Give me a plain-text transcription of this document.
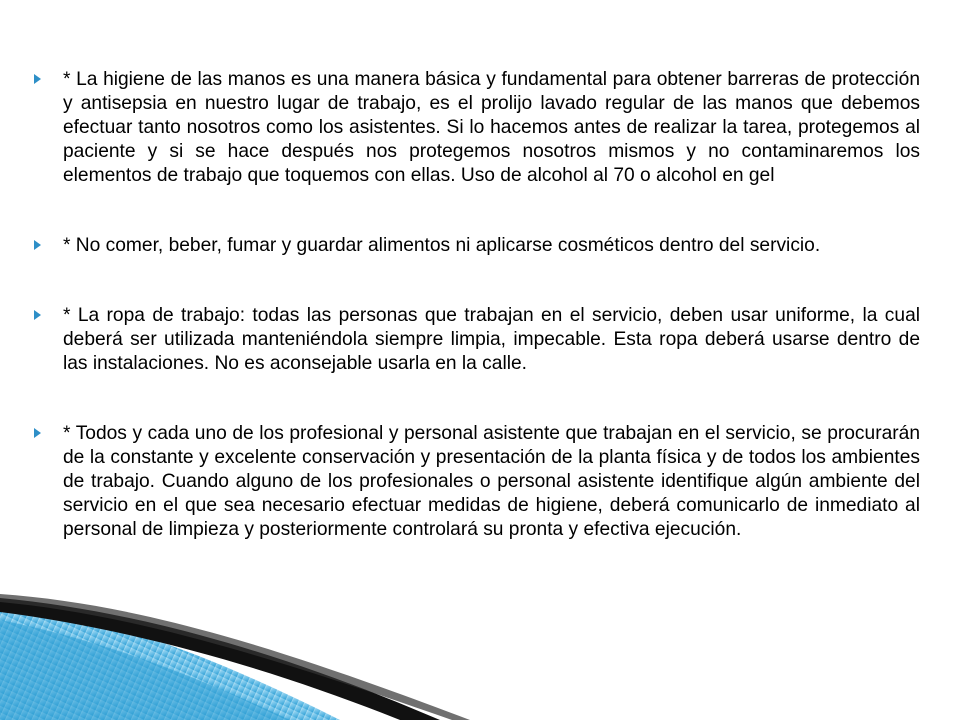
* La higiene de las manos es una manera básica y fundamental para obtener barreras de protección y antisepsia en nuestro lugar de trabajo, es el prolijo lavado regular de las manos que debemos efectuar tanto nosotros como los asistentes. Si lo hacemos antes de realizar la tarea, protegemos al paciente y si se hace después nos protegemos nosotros mismos y no contaminaremos los elementos de trabajo que toquemos con ellas. Uso de alcohol al 70 o alcohol en gel
* No comer, beber, fumar y guardar alimentos ni aplicarse cosméticos dentro del servicio.
* La ropa de trabajo: todas las personas que trabajan en el servicio, deben usar uniforme, la cual deberá ser utilizada manteniéndola siempre limpia, impecable. Esta ropa deberá usarse dentro de las instalaciones. No es aconsejable usarla en la calle.
* Todos y cada uno de los profesional y personal asistente que trabajan en el servicio, se procurarán de la constante y excelente conservación y presentación de la planta física y de todos los ambientes de trabajo. Cuando alguno de los profesionales o personal asistente identifique algún ambiente del servicio en el que sea necesario efectuar medidas de higiene, deberá comunicarlo de inmediato al personal de limpieza y posteriormente controlará su pronta y efectiva ejecución.
